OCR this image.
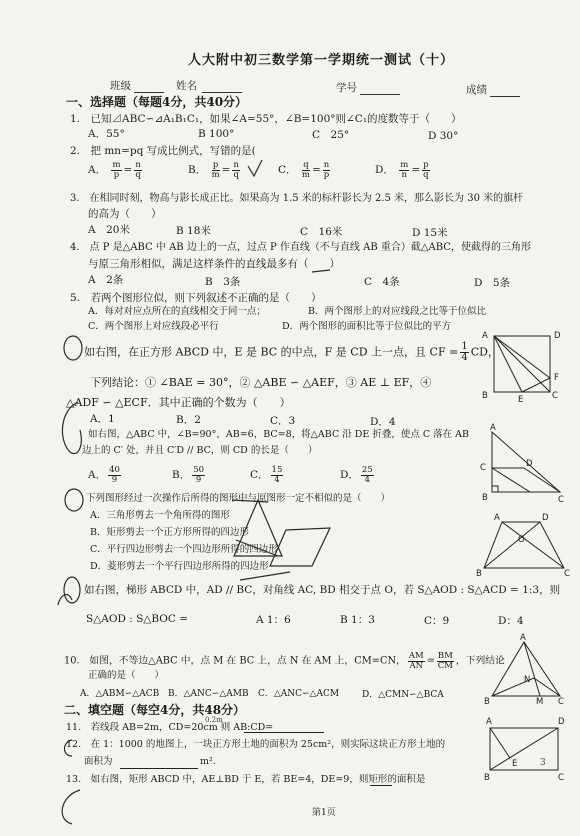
人大附中初三数学第一学期统一测试（十）
班级	姓名	学号	成绩
一、选择题（每题4分，共40分）
1.　已知⊿ABC∽⊿A₁B₁C₁，如果∠A=55°，∠B=100°则∠C₁的度数等于（　　）
A．55°	B 100°	C　25°	D 30°
2.　把 mn=pq 写成比例式，写错的是(
A． $\frac{m}{p} = \frac{n}{q}$	B． $\frac{p}{m} = \frac{n}{q}$	C． $\frac{q}{m} = \frac{n}{p}$	D． $\frac{m}{n} = \frac{p}{q}$
3.　在相同时刻，物高与影长成正比。如果高为 1.5 米的标杆影长为 2.5 米，那么影长为 30 米的旗杆
的高为（　　）
A　20米	B 18米	C　16米	D 15米
4.　点 P 是△ABC 中 AB 边上的一点，过点 P 作直线（不与直线 AB 重合）截△ABC，使截得的三角形
与原三角形相似，满足这样条件的直线最多有（　　）
A　2条	B　3条	C　4条	D　5条
5.　若两个图形位似，则下列叙述不正确的是（　　）
A．每对对应点所在的直线相交于同一点；	B．两个图形上的对应线段之比等于位似比
C．两个图形上对应线段必平行	D．两个图形的面积比等于位似比的平方
如右图，在正方形 ABCD 中，E 是 BC 的中点，F 是 CD 上一点，且 CF = $\frac{1}{4}$ CD，
下列结论：① ∠BAE = 30°，② △ABE ∽ △AEF，③ AE ⊥ EF，④
△ADF ∽ △ECF．其中正确的个数为（　　）
A．1	B．2	C．3	D．4
如右图，△ABC 中，∠B=90°，AB=6，BC=8，将△ABC 沿 DE 折叠，使点 C 落在 AB
边上的 C′ 处，并且 C′D // BC，则 CD 的长是（　　）
A． $\frac{40}{9}$	B． $\frac{50}{9}$	C． $\frac{15}{4}$	D． $\frac{25}{4}$
下列图形经过一次操作后所得的图形中与原图形一定不相似的是（　　）
A．三角形剪去一个角所得的图形
B．矩形剪去一个正方形所得的四边形
C．平行四边形剪去一个四边形所得的四边形
D．菱形剪去一个平行四边形所得的四边形
如右图，梯形 ABCD 中，AD // BC，对角线 AC, BD 相交于点 O，若 S△AOD : S△ACD = 1:3，则
S△AOD : S△BOC =	A 1：6	B 1：3	C：9	D：4
10.　如图，不等边△ABC 中，点 M 在 BC 上，点 N 在 AM 上，CM=CN， $\frac{AM}{AN} = \frac{BM}{CM}$ ，下列结论
正确的是（　　）
A．△ABM∽△ACB B．△ANC∽△AMB C．△ANC∽△ACM	D．△CMN∽△BCA
二、填空题（每空4分，共48分）
11.　若线段 AB=2m，CD=20cm 则 AB:CD=
12.　在 1：1000 的地图上，一块正方形土地的面积为 25cm²，则实际这块正方形土地的
面积为	m².
13.　如右图，矩形 ABCD 中，AE⊥BD 于 E，若 BE=4，DE=9，则矩形的面积是
第1页
0.2m
3
A	D
F
B	E	C
A
D
C
B	C
A	D
O
B	C
A
N
B	M C
A	D
E
B	C
